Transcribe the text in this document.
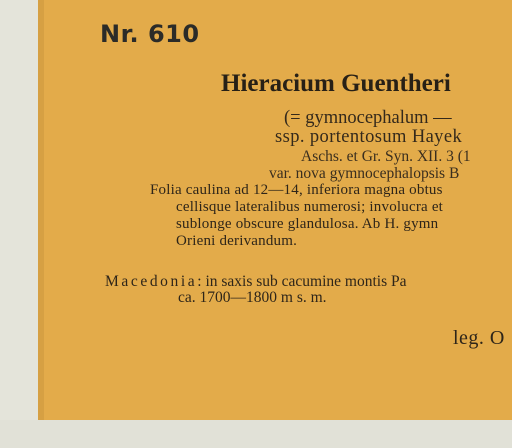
Nr. 610

Hieracium Guentheri

(= gymnocephalum —

ssp. portentosum Hayek

Aschs. et Gr. Syn. XII. 3 (1

var. nova gymnocephalopsis B

Folia caulina ad 12—14, inferiora magna obtus

cellisque lateralibus numerosi; involucra et

sublonge obscure glandulosa. Ab H. gymn

Orieni derivandum.

Macedonia: in saxis sub cacumine montis Pa

ca. 1700—1800 m s. m.

leg. O
